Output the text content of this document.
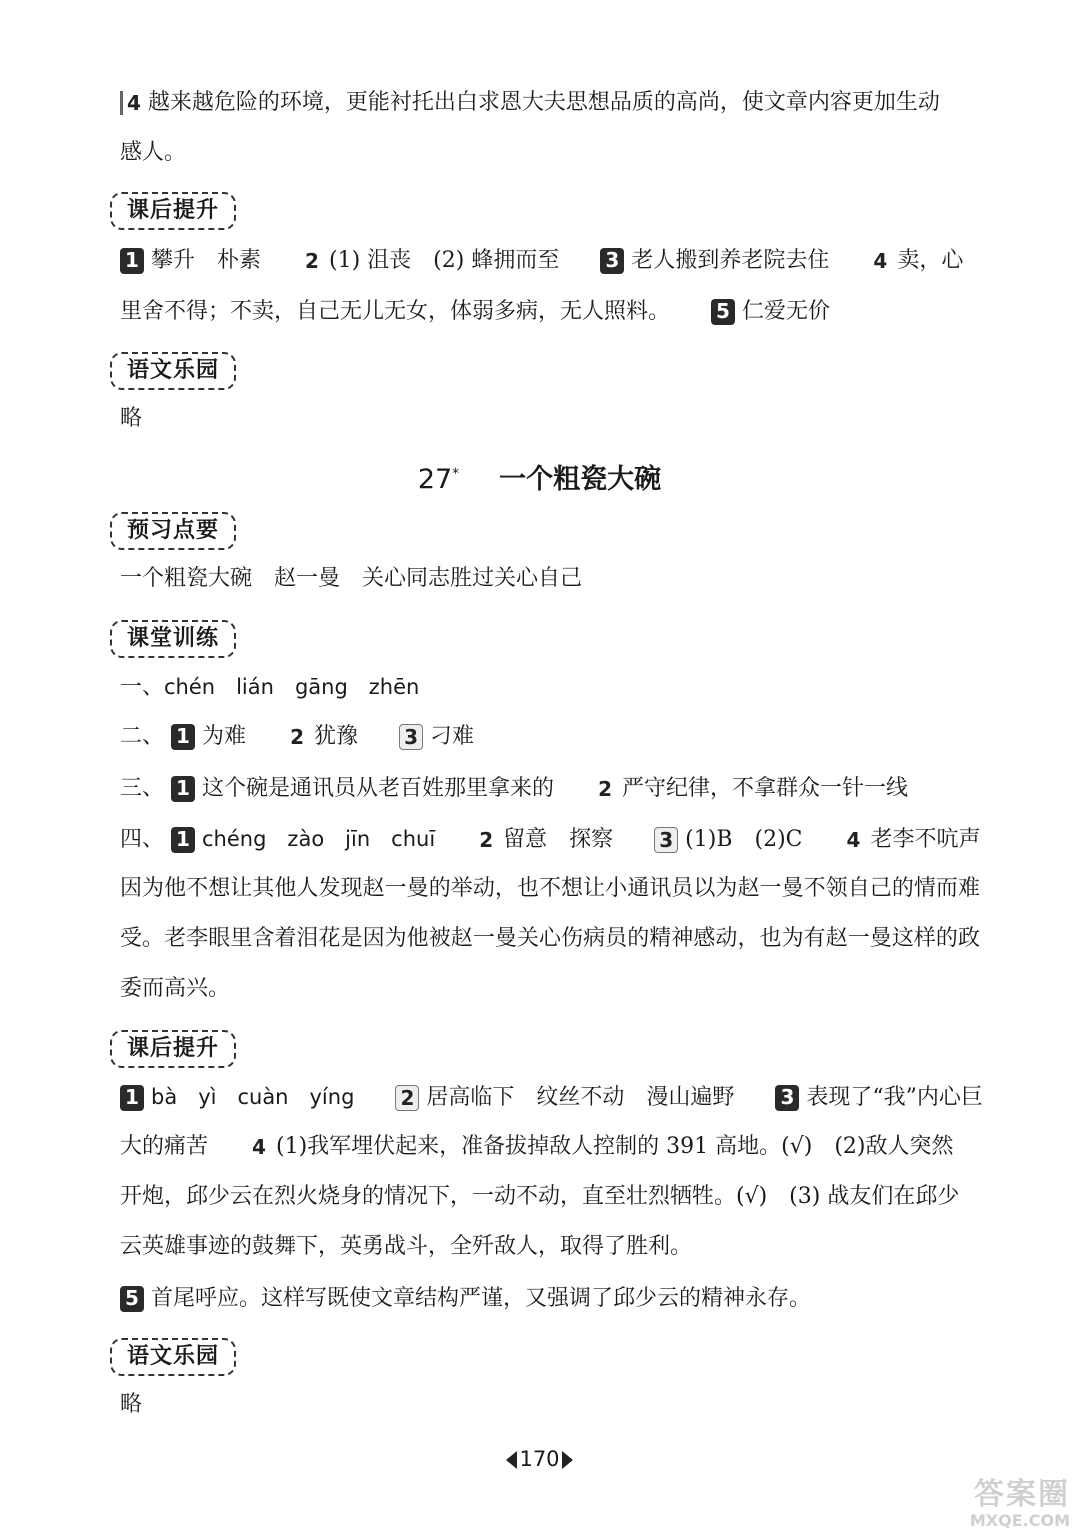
4 越来越危险的环境，更能衬托出白求恩大夫思想品质的高尚，使文章内容更加生动
感人。
课后提升
1 攀升　朴素 2 (1) 沮丧　(2) 蜂拥而至 3 老人搬到养老院去住 4 卖，心
里舍不得；不卖，自己无儿无女，体弱多病，无人照料。 5 仁爱无价
语文乐园
略
27* 一个粗瓷大碗
预习点要
一个粗瓷大碗　赵一曼　关心同志胜过关心自己
课堂训练
一、chén　lián　gāng　zhēn
二、 1 为难 2 犹豫 3 刁难
三、 1 这个碗是通讯员从老百姓那里拿来的 2 严守纪律，不拿群众一针一线
四、 1 chéng　zào　jīn　chuī 2 留意　探察 3 (1)B　(2)C 4 老李不吭声
因为他不想让其他人发现赵一曼的举动，也不想让小通讯员以为赵一曼不领自己的情而难受。老李眼里含着泪花是因为他被赵一曼关心伤病员的精神感动，也为有赵一曼这样的政委而高兴。
课后提升
1 bà　yì　cuàn　yíng 2 居高临下　纹丝不动　漫山遍野 3 表现了“我”内心巨
大的痛苦 4 (1)我军埋伏起来，准备拔掉敌人控制的 391 高地。(√)　(2)敌人突然
开炮，邱少云在烈火烧身的情况下，一动不动，直至壮烈牺牲。(√)　(3) 战友们在邱少
云英雄事迹的鼓舞下，英勇战斗，全歼敌人，取得了胜利。
5 首尾呼应。这样写既使文章结构严谨，又强调了邱少云的精神永存。
语文乐园
略
170
答案圈
MXQE.COM
